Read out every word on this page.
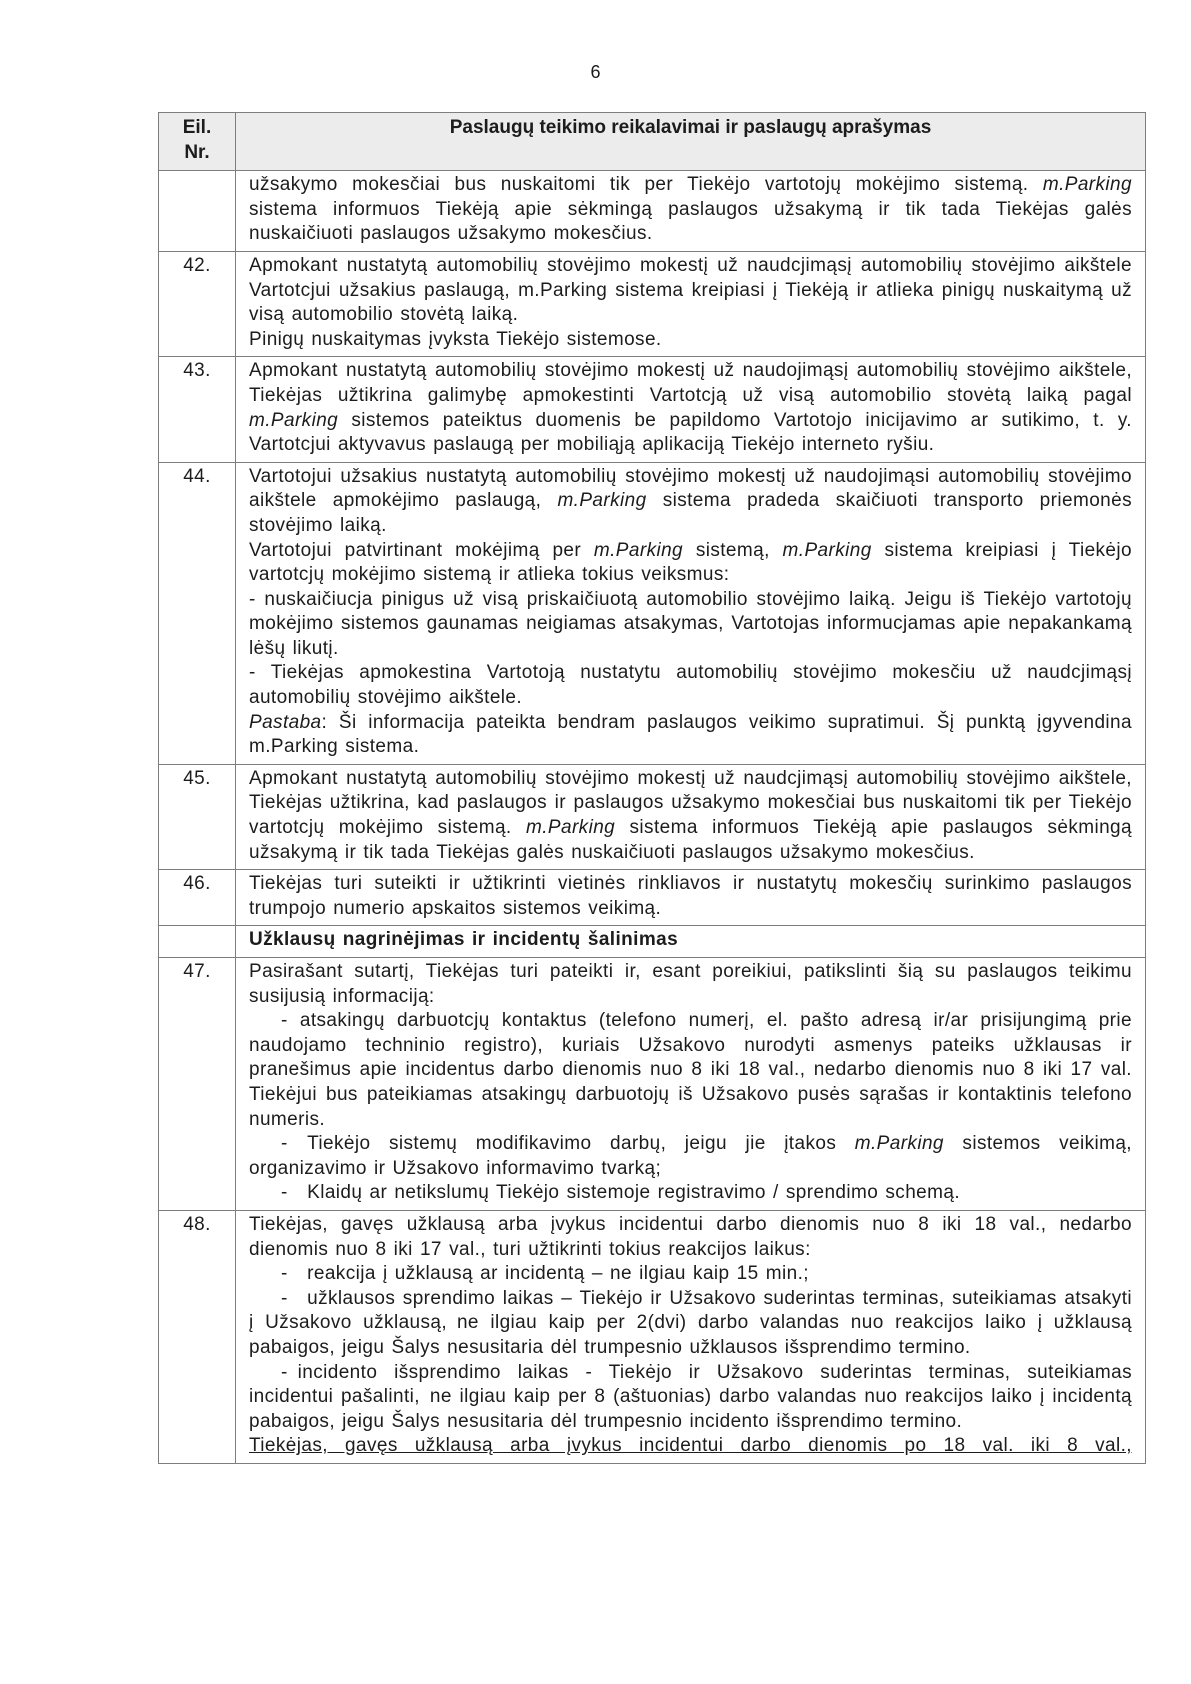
6
Eil.
Nr.	Paslaugų teikimo reikalavimai ir paslaugų aprašymas

	užsakymo mokesčiai bus nuskaitomi tik per Tiekėjo vartotojų mokėjimo sistemą. m.Parking sistema informuos Tiekėją apie sėkmingą paslaugos užsakymą ir tik tada Tiekėjas galės nuskaičiuoti paslaugos užsakymo mokesčius.

42.	Apmokant nustatytą automobilių stovėjimo mokestį už naudcjimąsį automobilių stovėjimo aikštele Vartotcjui užsakius paslaugą, m.Parking sistema kreipiasi į Tiekėją ir atlieka pinigų nuskaitymą už visą automobilio stovėtą laiką.

Pinigų nuskaitymas įvyksta Tiekėjo sistemose.

43.	Apmokant nustatytą automobilių stovėjimo mokestį už naudojimąsį automobilių stovėjimo aikštele, Tiekėjas užtikrina galimybę apmokestinti Vartotcją už visą automobilio stovėtą laiką pagal m.Parking sistemos pateiktus duomenis be papildomo Vartotojo inicijavimo ar sutikimo, t. y. Vartotcjui aktyvavus paslaugą per mobiliąją aplikaciją Tiekėjo interneto ryšiu.

44.	Vartotojui užsakius nustatytą automobilių stovėjimo mokestį už naudojimąsi automobilių stovėjimo aikštele apmokėjimo paslaugą, m.Parking sistema pradeda skaičiuoti transporto priemonės stovėjimo laiką.

Vartotojui patvirtinant mokėjimą per m.Parking sistemą, m.Parking sistema kreipiasi į Tiekėjo vartotcjų mokėjimo sistemą ir atlieka tokius veiksmus:

- nuskaičiucja pinigus už visą priskaičiuotą automobilio stovėjimo laiką. Jeigu iš Tiekėjo vartotojų mokėjimo sistemos gaunamas neigiamas atsakymas, Vartotojas informucjamas apie nepakankamą lėšų likutį.

- Tiekėjas apmokestina Vartotoją nustatytu automobilių stovėjimo mokesčiu už naudcjimąsį automobilių stovėjimo aikštele.

Pastaba: Ši informacija pateikta bendram paslaugos veikimo supratimui. Šį punktą įgyvendina m.Parking sistema.

45.	Apmokant nustatytą automobilių stovėjimo mokestį už naudcjimąsį automobilių stovėjimo aikštele, Tiekėjas užtikrina, kad paslaugos ir paslaugos užsakymo mokesčiai bus nuskaitomi tik per Tiekėjo vartotcjų mokėjimo sistemą. m.Parking sistema informuos Tiekėją apie paslaugos sėkmingą užsakymą ir tik tada Tiekėjas galės nuskaičiuoti paslaugos užsakymo mokesčius.

46.	Tiekėjas turi suteikti ir užtikrinti vietinės rinkliavos ir nustatytų mokesčių surinkimo paslaugos trumpojo numerio apskaitos sistemos veikimą.

	Užklausų nagrinėjimas ir incidentų šalinimas

47.	Pasirašant sutartį, Tiekėjas turi pateikti ir, esant poreikiui, patikslinti šią su paslaugos teikimu susijusią informaciją:

- atsakingų darbuotcjų kontaktus (telefono numerį, el. pašto adresą ir/ar prisijungimą prie naudojamo techninio registro), kuriais Užsakovo nurodyti asmenys pateiks užklausas ir pranešimus apie incidentus darbo dienomis nuo 8 iki 18 val., nedarbo dienomis nuo 8 iki 17 val. Tiekėjui bus pateikiamas atsakingų darbuotojų iš Užsakovo pusės sąrašas ir kontaktinis telefono numeris.

- Tiekėjo sistemų modifikavimo darbų, jeigu jie įtakos m.Parking sistemos veikimą, organizavimo ir Užsakovo informavimo tvarką;

- Klaidų ar netikslumų Tiekėjo sistemoje registravimo / sprendimo schemą.

48.	Tiekėjas, gavęs užklausą arba įvykus incidentui darbo dienomis nuo 8 iki 18 val., nedarbo dienomis nuo 8 iki 17 val., turi užtikrinti tokius reakcijos laikus:

- reakcija į užklausą ar incidentą – ne ilgiau kaip 15 min.;

- užklausos sprendimo laikas – Tiekėjo ir Užsakovo suderintas terminas, suteikiamas atsakyti į Užsakovo užklausą, ne ilgiau kaip per 2(dvi) darbo valandas nuo reakcijos laiko į užklausą pabaigos, jeigu Šalys nesusitaria dėl trumpesnio užklausos išsprendimo termino.

- incidento išsprendimo laikas - Tiekėjo ir Užsakovo suderintas terminas, suteikiamas incidentui pašalinti, ne ilgiau kaip per 8 (aštuonias) darbo valandas nuo reakcijos laiko į incidentą pabaigos, jeigu Šalys nesusitaria dėl trumpesnio incidento išsprendimo termino.

Tiekėjas, gavęs užklausą arba įvykus incidentui darbo dienomis po 18 val. iki 8 val.,
